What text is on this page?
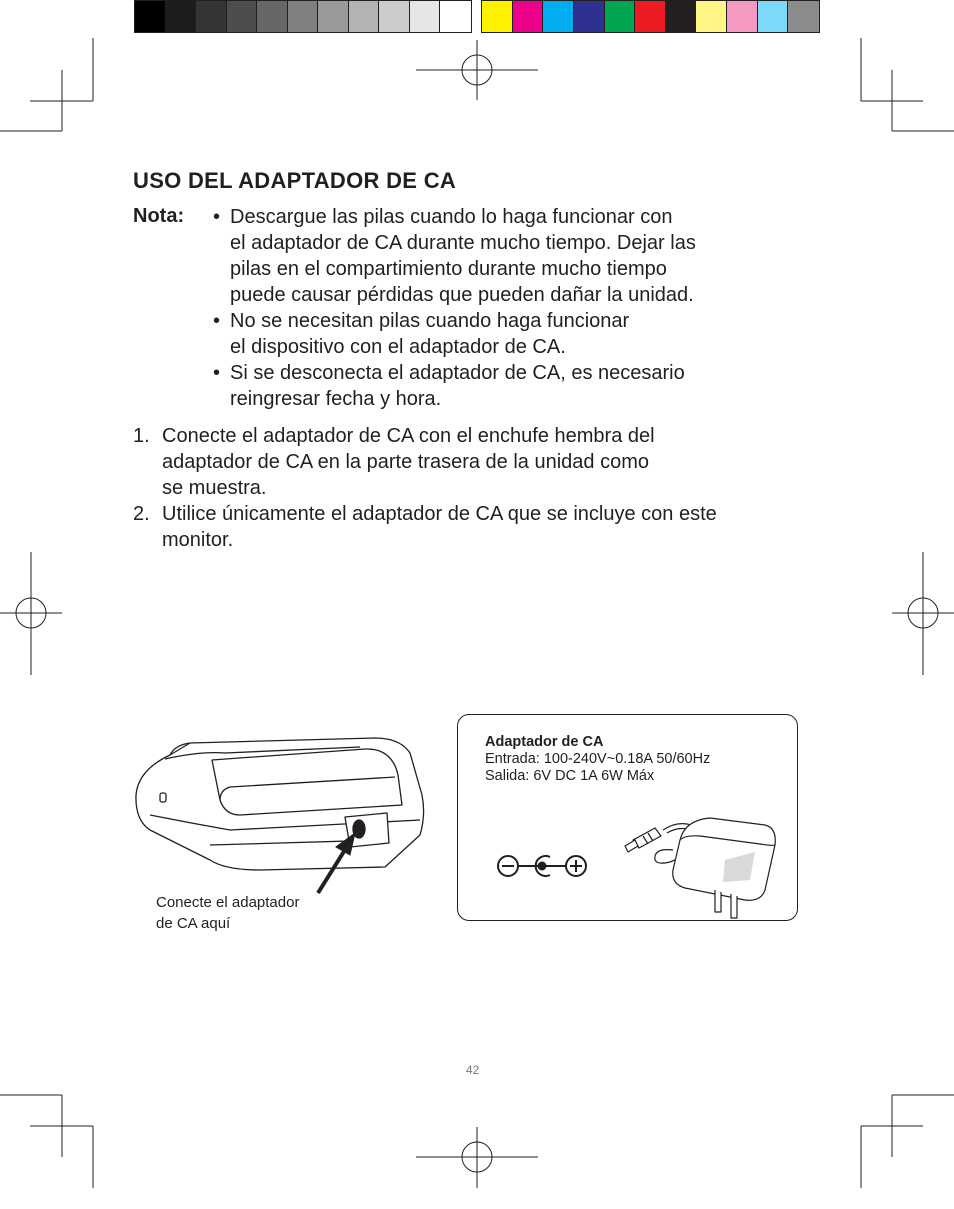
USO DEL ADAPTADOR DE CA
Nota: • Descargue las pilas cuando lo haga funcionar con
el adaptador de CA durante mucho tiempo. Dejar las
pilas en el compartimiento durante mucho tiempo
puede causar pérdidas que pueden dañar la unidad.
• No se necesitan pilas cuando haga funcionar
el dispositivo con el adaptador de CA.
• Si se desconecta el adaptador de CA, es necesario
reingresar fecha y hora.
1. Conecte el adaptador de CA con el enchufe hembra del
adaptador de CA en la parte trasera de la unidad como
se muestra.
2. Utilice únicamente el adaptador de CA que se incluye con este
monitor.
Conecte el adaptador
de CA aquí
Adaptador de CA
Entrada: 100-240V~0.18A 50/60Hz
Salida: 6V DC 1A 6W Máx
42
